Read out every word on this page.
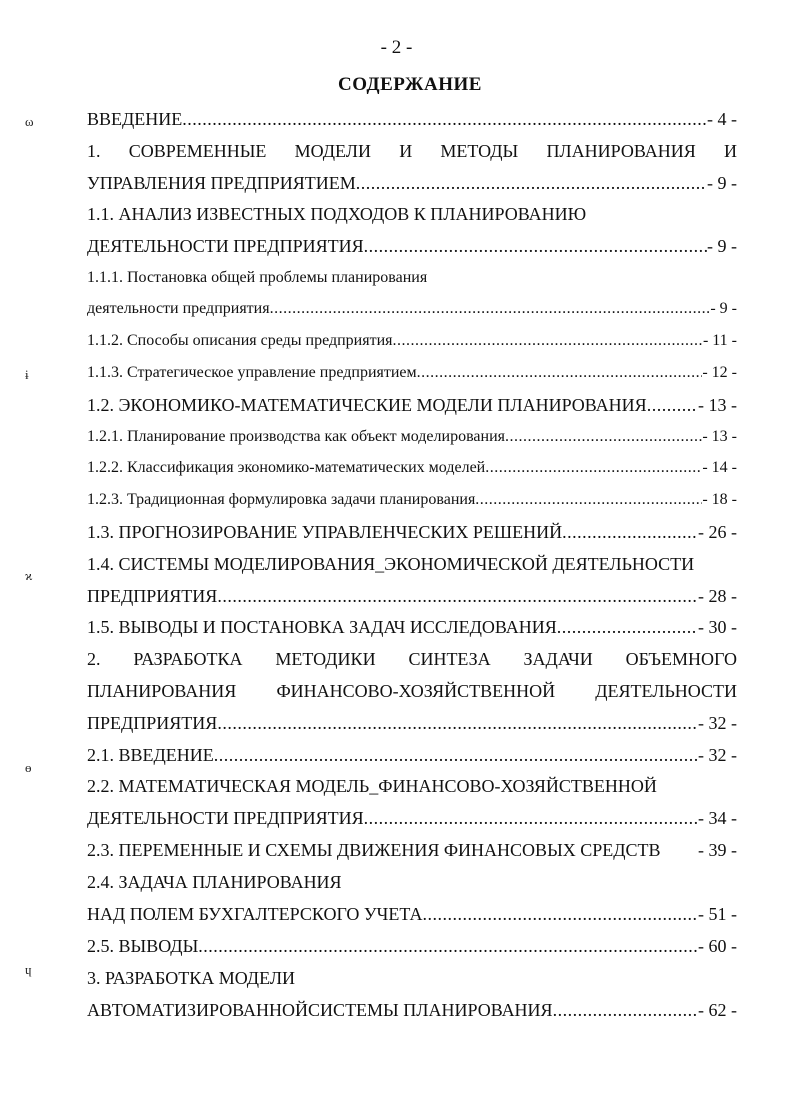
- 2 -
СОДЕРЖАНИЕ
ω
ɨ
ϰ
ɵ
ɥ
ВВЕДЕНИЕ .....	- 4 -
1. СОВРЕМЕННЫЕ МОДЕЛИ И МЕТОДЫ ПЛАНИРОВАНИЯ И
УПРАВЛЕНИЯ ПРЕДПРИЯТИЕМ .....	- 9 -
1.1. АНАЛИЗ ИЗВЕСТНЫХ ПОДХОДОВ К ПЛАНИРОВАНИЮ
ДЕЯТЕЛЬНОСТИ ПРЕДПРИЯТИЯ .....	- 9 -
1.1.1. Постановка общей проблемы планирования
деятельности предприятия .....	- 9 -
1.1.2. Способы описания среды предприятия .....	- 11 -
1.1.3. Стратегическое управление предприятием .....	- 12 -
1.2. ЭКОНОМИКО-МАТЕМАТИЧЕСКИЕ МОДЕЛИ ПЛАНИРОВАНИЯ .....	- 13 -
1.2.1. Планирование производства как объект моделирования .....	- 13 -
1.2.2. Классификация экономико-математических моделей .....	- 14 -
1.2.3. Традиционная формулировка задачи планирования .....	- 18 -
1.3. ПРОГНОЗИРОВАНИЕ УПРАВЛЕНЧЕСКИХ РЕШЕНИЙ .....	- 26 -
1.4. СИСТЕМЫ МОДЕЛИРОВАНИЯ_ЭКОНОМИЧЕСКОЙ ДЕЯТЕЛЬНОСТИ
ПРЕДПРИЯТИЯ .....	- 28 -
1.5. ВЫВОДЫ И ПОСТАНОВКА ЗАДАЧ ИССЛЕДОВАНИЯ .....	- 30 -
2. РАЗРАБОТКА МЕТОДИКИ СИНТЕЗА ЗАДАЧИ ОБЪЕМНОГО
ПЛАНИРОВАНИЯ ФИНАНСОВО-ХОЗЯЙСТВЕННОЙ ДЕЯТЕЛЬНОСТИ
ПРЕДПРИЯТИЯ .....	- 32 -
2.1. ВВЕДЕНИЕ .....	- 32 -
2.2. МАТЕМАТИЧЕСКАЯ МОДЕЛЬ_ФИНАНСОВО-ХОЗЯЙСТВЕННОЙ
ДЕЯТЕЛЬНОСТИ ПРЕДПРИЯТИЯ .....	- 34 -
2.3. ПЕРЕМЕННЫЕ И СХЕМЫ ДВИЖЕНИЯ ФИНАНСОВЫХ СРЕДСТВ - 39 -
2.4. ЗАДАЧА ПЛАНИРОВАНИЯ
НАД ПОЛЕМ БУХГАЛТЕРСКОГО УЧЕТА .....	- 51 -
2.5. ВЫВОДЫ .....	- 60 -
3. РАЗРАБОТКА МОДЕЛИ
АВТОМАТИЗИРОВАННОЙСИСТЕМЫ ПЛАНИРОВАНИЯ .....	- 62 -
